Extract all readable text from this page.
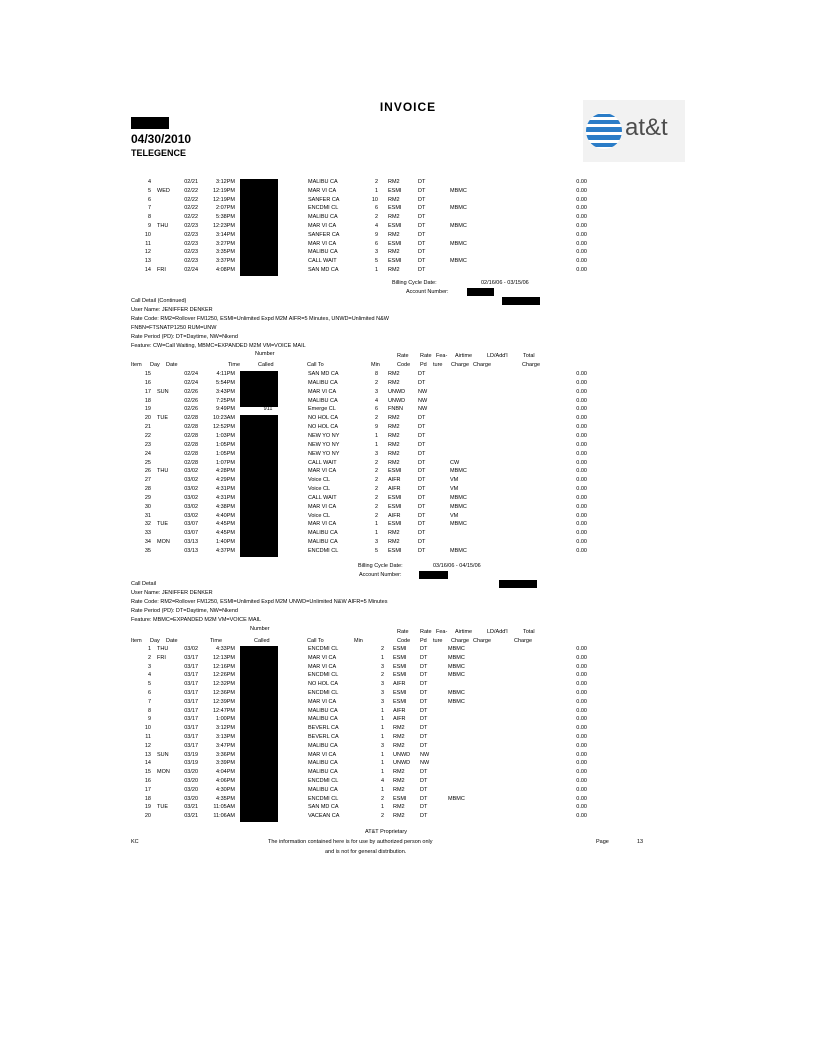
INVOICE
04/30/2010
TELEGENCE
at&t
4	02/21	3:12PM	MALIBU CA	2 RM2	DT	0.00
5 WED	02/22	12:19PM	MAR VI CA	1 ESMI	DT	MBMC	0.00
6	02/22	12:19PM	SANFER CA	10 RM2	DT	0.00
7	02/22	2:07PM	ENCDMI CL	6 ESMI	DT	MBMC	0.00
8	02/22	5:38PM	MALIBU CA	2 RM2	DT	0.00
9 THU	02/23	12:23PM	MAR VI CA	4 ESMI	DT	MBMC	0.00
10	02/23	3:14PM	SANFER CA	9 RM2	DT	0.00
11	02/23	3:27PM	MAR VI CA	6 ESMI	DT	MBMC	0.00
12	02/23	3:35PM	MALIBU CA	3 RM2	DT	0.00
13	02/23	3:37PM	CALL WAIT	5 ESMI	DT	MBMC	0.00
14 FRI	02/24	4:08PM	SAN MD CA	1 RM2	DT	0.00
Billing Cycle Date:	02/16/06 - 03/15/06
Account Number:
Call Detail (Continued)
User Name: JENIFFER DENKER
Rate Code: RM2=Rollover FM1250, ESMI=Unlimited Expd M2M AIFR=5 Minutes, UNWD=Unlimited N&W
FNBN=FTSNATP1250 RUM=UNW
Rate Period (PD): DT=Daytime, NW=Nkend
Feature: CW=Call Waiting, MBMC=EXPANDED M2M VM=VOICE MAIL
Number	Rate Rate Fea- Airtime	LD/Add'l	Total
Item Day Date	Time	Called	Call To	Min	Code Pd ture Charge Charge	Charge
15	02/24	4:11PM	SAN MD CA	8 RM2	DT	0.00
16	02/24	5:54PM	MALIBU CA	2 RM2	DT	0.00
17 SUN	02/26	3:43PM	MAR VI CA	3 UNWD NW	0.00
18	02/26	7:25PM	MALIBU CA	4 UNWD NW	0.00
911
19	02/26	9:49PM	Emerge CL	6 FNBN	NW	0.00
20 TUE	02/28	10:23AM	NO HOL CA	2 RM2	DT	0.00
21	02/28	12:52PM	NO HOL CA	9 RM2	DT	0.00
22	02/28	1:03PM	NEW YO NY	1 RM2	DT	0.00
23	02/28	1:05PM	NEW YO NY	1 RM2	DT	0.00
24	02/28	1:05PM	NEW YO NY	3 RM2	DT	0.00
25	02/28	1:07PM	CALL WAIT	2 RM2	DT	CW	0.00
26 THU	03/02	4:28PM	MAR VI CA	2 ESMI	DT	MBMC	0.00
27	03/02	4:29PM	Voice CL	2 AIFR	DT	VM	0.00
28	03/02	4:31PM	Voice CL	2 AIFR	DT	VM	0.00
29	03/02	4:31PM	CALL WAIT	2 ESMI	DT	MBMC	0.00
30	03/02	4:38PM	MAR VI CA	2 ESMI	DT	MBMC	0.00
31	03/02	4:40PM	Voice CL	2 AIFR	DT	VM	0.00
32 TUE	03/07	4:45PM	MAR VI CA	1 ESMI	DT	MBMC	0.00
33	03/07	4:45PM	MALIBU CA	1 RM2	DT	0.00
34 MON	03/13	1:40PM	MALIBU CA	3 RM2	DT	0.00
35	03/13	4:37PM	ENCDMI CL	5 ESMI	DT	MBMC	0.00
Billing Cycle Date:	03/16/06 - 04/15/06
Account Number:
Call Detail
User Name: JENIFFER DENKER
Rate Code: RM2=Rollover FM1250, ESMI=Unlimited Expd M2M UNWD=Unlimited N&W AIFR=5 Minutes
Rate Period (PD): DT=Daytime, NW=Nkend
Feature: MBMC=EXPANDED M2M VM=VOICE MAIL
Number	Rate Rate Fea- Airtime	LD/Add'l	Total
Item Day Date	Time	Called	Call To	Min	Code Pd ture Charge Charge	Charge
1 THU	03/02	4:33PM	ENCDMI CL	2 ESMI DT	MBMC	0.00
2 FRI	03/17	12:13PM	MAR VI CA	1 ESMI DT	MBMC	0.00
3	03/17	12:16PM	MAR VI CA	3 ESMI DT	MBMC	0.00
4	03/17	12:26PM	ENCDMI CL	2 ESMI DT	MBMC	0.00
5	03/17	12:32PM	NO HOL CA	3 AIFR	DT	0.00
6	03/17	12:36PM	ENCDMI CL	3 ESMI DT	MBMC	0.00
7	03/17	12:39PM	MAR VI CA	3 ESMI DT	MBMC	0.00
8	03/17	12:47PM	MALIBU CA	1 AIFR	DT	0.00
9	03/17	1:00PM	MALIBU CA	1 AIFR	DT	0.00
10	03/17	3:12PM	BEVERL CA	1 RM2	DT	0.00
11	03/17	3:13PM	BEVERL CA	1 RM2	DT	0.00
12	03/17	3:47PM	MALIBU CA	3 RM2	DT	0.00
13 SUN	03/19	3:36PM	MAR VI CA	1 UNWD NW	0.00
14	03/19	3:39PM	MALIBU CA	1 UNWD NW	0.00
15 MON	03/20	4:04PM	MALIBU CA	1 RM2	DT	0.00
16	03/20	4:06PM	ENCDMI CL	4 RM2	DT	0.00
17	03/20	4:30PM	MALIBU CA	1 RM2	DT	0.00
18	03/20	4:35PM	ENCDMI CL	2 ESMI DT	MBMC	0.00
19 TUE	03/21	11:05AM	SAN MD CA	1 RM2	DT	0.00
20	03/21	11:06AM	VACEAN CA	2 RM2	DT	0.00
AT&T Proprietary
KC	The information contained here is for use by authorized person only
and is not for general distribution.
Page	13
